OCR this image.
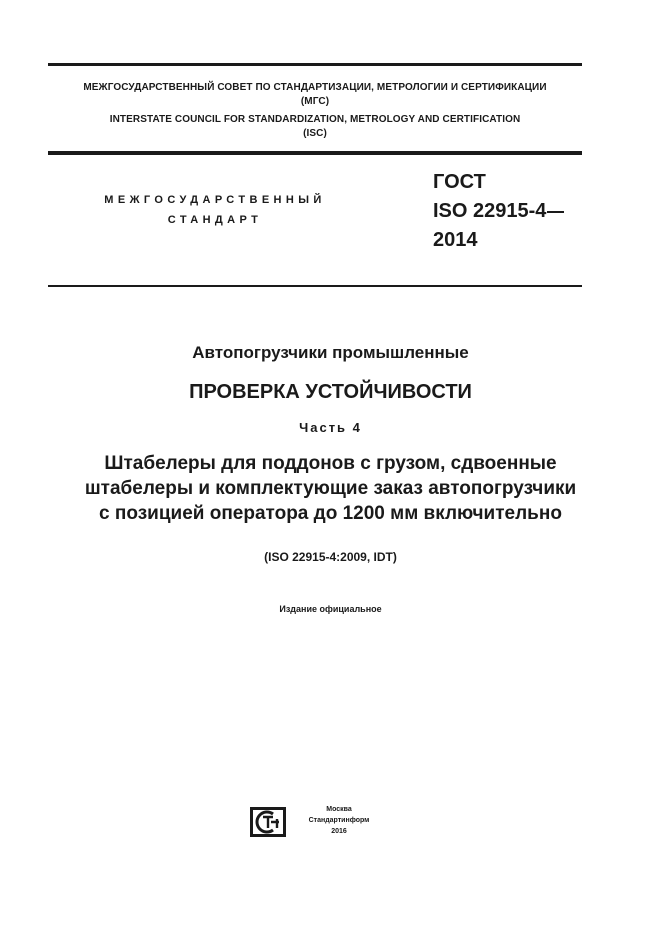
МЕЖГОСУДАРСТВЕННЫЙ СОВЕТ ПО СТАНДАРТИЗАЦИИ, МЕТРОЛОГИИ И СЕРТИФИКАЦИИ
(МГС)
INTERSTATE COUNCIL FOR STANDARDIZATION, METROLOGY AND CERTIFICATION
(ISC)
МЕЖГОСУДАРСТВЕННЫЙ
СТАНДАРТ
ГОСТ
ISO 22915-4
2014
Автопогрузчики промышленные
ПРОВЕРКА УСТОЙЧИВОСТИ
Часть 4
Штабелеры для поддонов с грузом, сдвоенные
штабелеры и комплектующие заказ автопогрузчики
с позицией оператора до 1200 мм включительно
(ISO 22915-4:2009, IDT)
Издание официальное
Москва
Стандартинформ
2016
